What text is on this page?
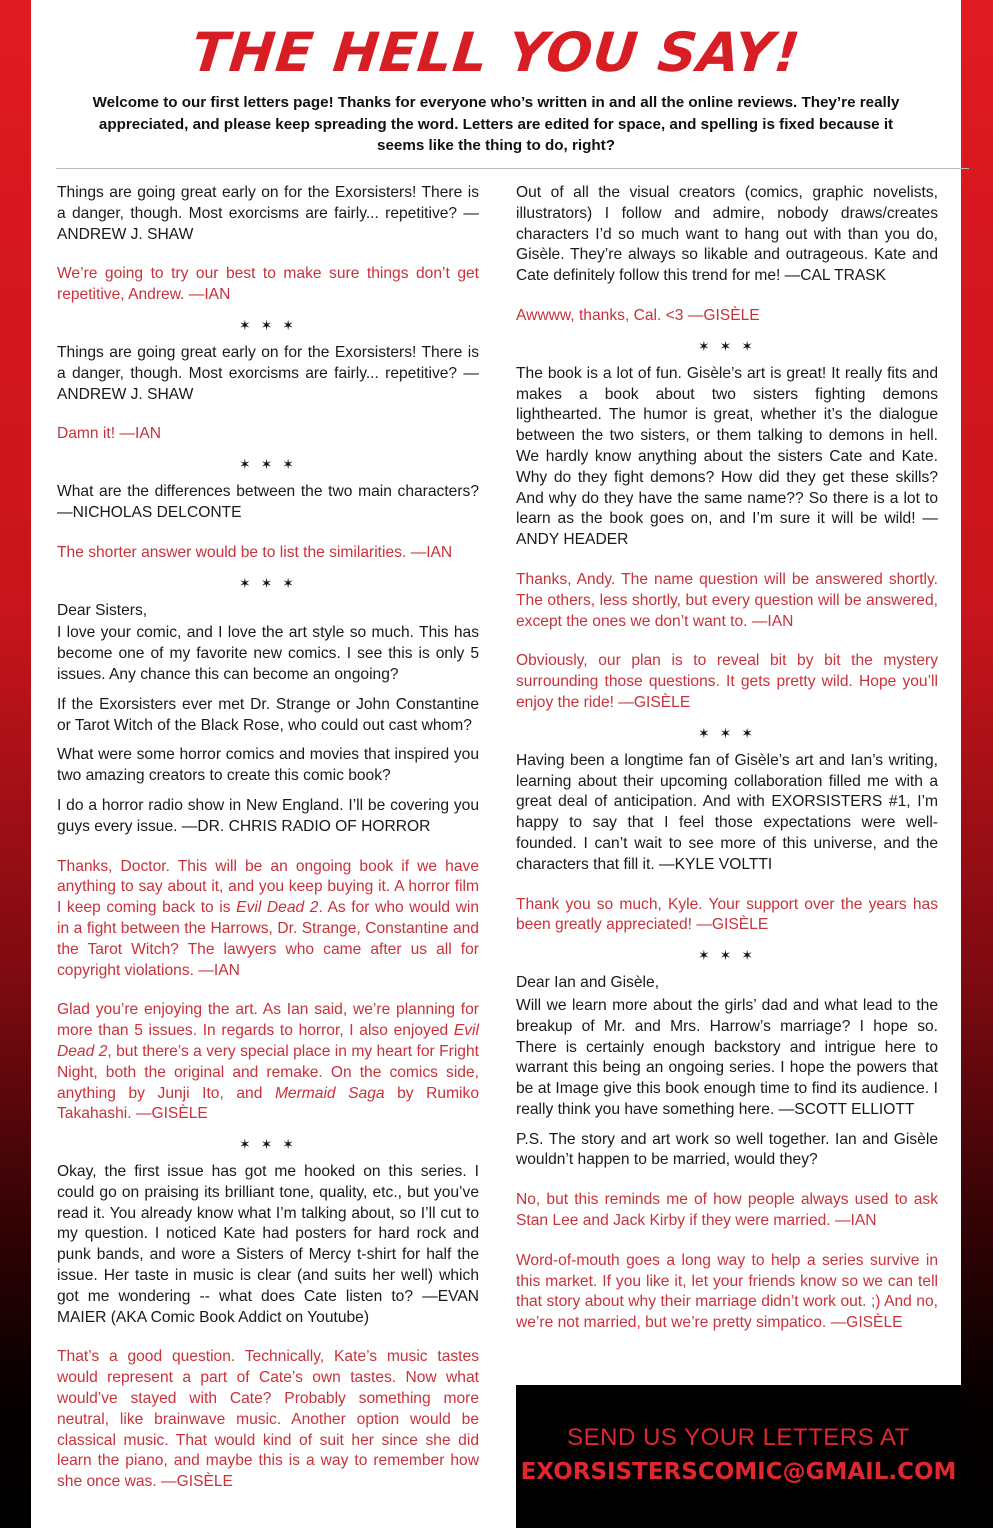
THE HELL YOU SAY!
Welcome to our first letters page! Thanks for everyone who’s written in and all the online reviews. They’re really appreciated, and please keep spreading the word. Letters are edited for space, and spelling is fixed because it seems like the thing to do, right?

Things are going great early on for the Exorsisters! There is a danger, though. Most exorcisms are fairly... repetitive? —ANDREW J. SHAW

We’re going to try our best to make sure things don’t get repetitive, Andrew. —IAN

✶ ✶ ✶

Things are going great early on for the Exorsisters! There is a danger, though. Most exorcisms are fairly... repetitive? —ANDREW J. SHAW

Damn it! —IAN

✶ ✶ ✶

What are the differences between the two main characters? —NICHOLAS DELCONTE

The shorter answer would be to list the similarities. —IAN

✶ ✶ ✶

Dear Sisters,

I love your comic, and I love the art style so much. This has become one of my favorite new comics. I see this is only 5 issues. Any chance this can become an ongoing?

If the Exorsisters ever met Dr. Strange or John Constantine or Tarot Witch of the Black Rose, who could out cast whom?

What were some horror comics and movies that inspired you two amazing creators to create this comic book?

I do a horror radio show in New England. I’ll be covering you guys every issue. —DR. CHRIS RADIO OF HORROR

Thanks, Doctor. This will be an ongoing book if we have anything to say about it, and you keep buying it. A horror film I keep coming back to is Evil Dead 2. As for who would win in a fight between the Harrows, Dr. Strange, Constantine and the Tarot Witch? The lawyers who came after us all for copyright violations. —IAN

Glad you’re enjoying the art. As Ian said, we’re planning for more than 5 issues. In regards to horror, I also enjoyed Evil Dead 2, but there’s a very special place in my heart for Fright Night, both the original and remake. On the comics side, anything by Junji Ito, and Mermaid Saga by Rumiko Takahashi. —GISÈLE

✶ ✶ ✶

Okay, the first issue has got me hooked on this series. I could go on praising its brilliant tone, quality, etc., but you’ve read it. You already know what I’m talking about, so I’ll cut to my question. I noticed Kate had posters for hard rock and punk bands, and wore a Sisters of Mercy t-shirt for half the issue. Her taste in music is clear (and suits her well) which got me wondering -- what does Cate listen to? —EVAN MAIER (AKA Comic Book Addict on Youtube)

That’s a good question. Technically, Kate’s music tastes would represent a part of Cate’s own tastes. Now what would’ve stayed with Cate? Probably something more neutral, like brainwave music. Another option would be classical music. That would kind of suit her since she did learn the piano, and maybe this is a way to remember how she once was. —GISÈLE

Out of all the visual creators (comics, graphic novelists, illustrators) I follow and admire, nobody draws/creates characters I’d so much want to hang out with than you do, Gisèle. They’re always so likable and outrageous. Kate and Cate definitely follow this trend for me! —CAL TRASK

Awwww, thanks, Cal. <3 —GISÈLE

✶ ✶ ✶

The book is a lot of fun. Gisèle’s art is great! It really fits and makes a book about two sisters fighting demons lighthearted. The humor is great, whether it’s the dialogue between the two sisters, or them talking to demons in hell. We hardly know anything about the sisters Cate and Kate. Why do they fight demons? How did they get these skills? And why do they have the same name?? So there is a lot to learn as the book goes on, and I’m sure it will be wild! —ANDY HEADER

Thanks, Andy. The name question will be answered shortly. The others, less shortly, but every question will be answered, except the ones we don’t want to. —IAN

Obviously, our plan is to reveal bit by bit the mystery surrounding those questions. It gets pretty wild. Hope you’ll enjoy the ride! —GISÈLE

✶ ✶ ✶

Having been a longtime fan of Gisèle’s art and Ian’s writing, learning about their upcoming collaboration filled me with a great deal of anticipation. And with EXORSISTERS #1, I’m happy to say that I feel those expectations were well-founded. I can’t wait to see more of this universe, and the characters that fill it. —KYLE VOLTTI

Thank you so much, Kyle. Your support over the years has been greatly appreciated! —GISÈLE

✶ ✶ ✶

Dear Ian and Gisèle,

Will we learn more about the girls’ dad and what lead to the breakup of Mr. and Mrs. Harrow’s marriage? I hope so. There is certainly enough backstory and intrigue here to warrant this being an ongoing series. I hope the powers that be at Image give this book enough time to find its audience. I really think you have something here. —SCOTT ELLIOTT

P.S. The story and art work so well together. Ian and Gisèle wouldn’t happen to be married, would they?

No, but this reminds me of how people always used to ask Stan Lee and Jack Kirby if they were married. —IAN

Word-of-mouth goes a long way to help a series survive in this market. If you like it, let your friends know so we can tell that story about why their marriage didn’t work out. ;) And no, we’re not married, but we’re pretty simpatico. —GISÈLE

SEND US YOUR LETTERS AT
EXORSISTERSCOMIC@GMAIL.COM
